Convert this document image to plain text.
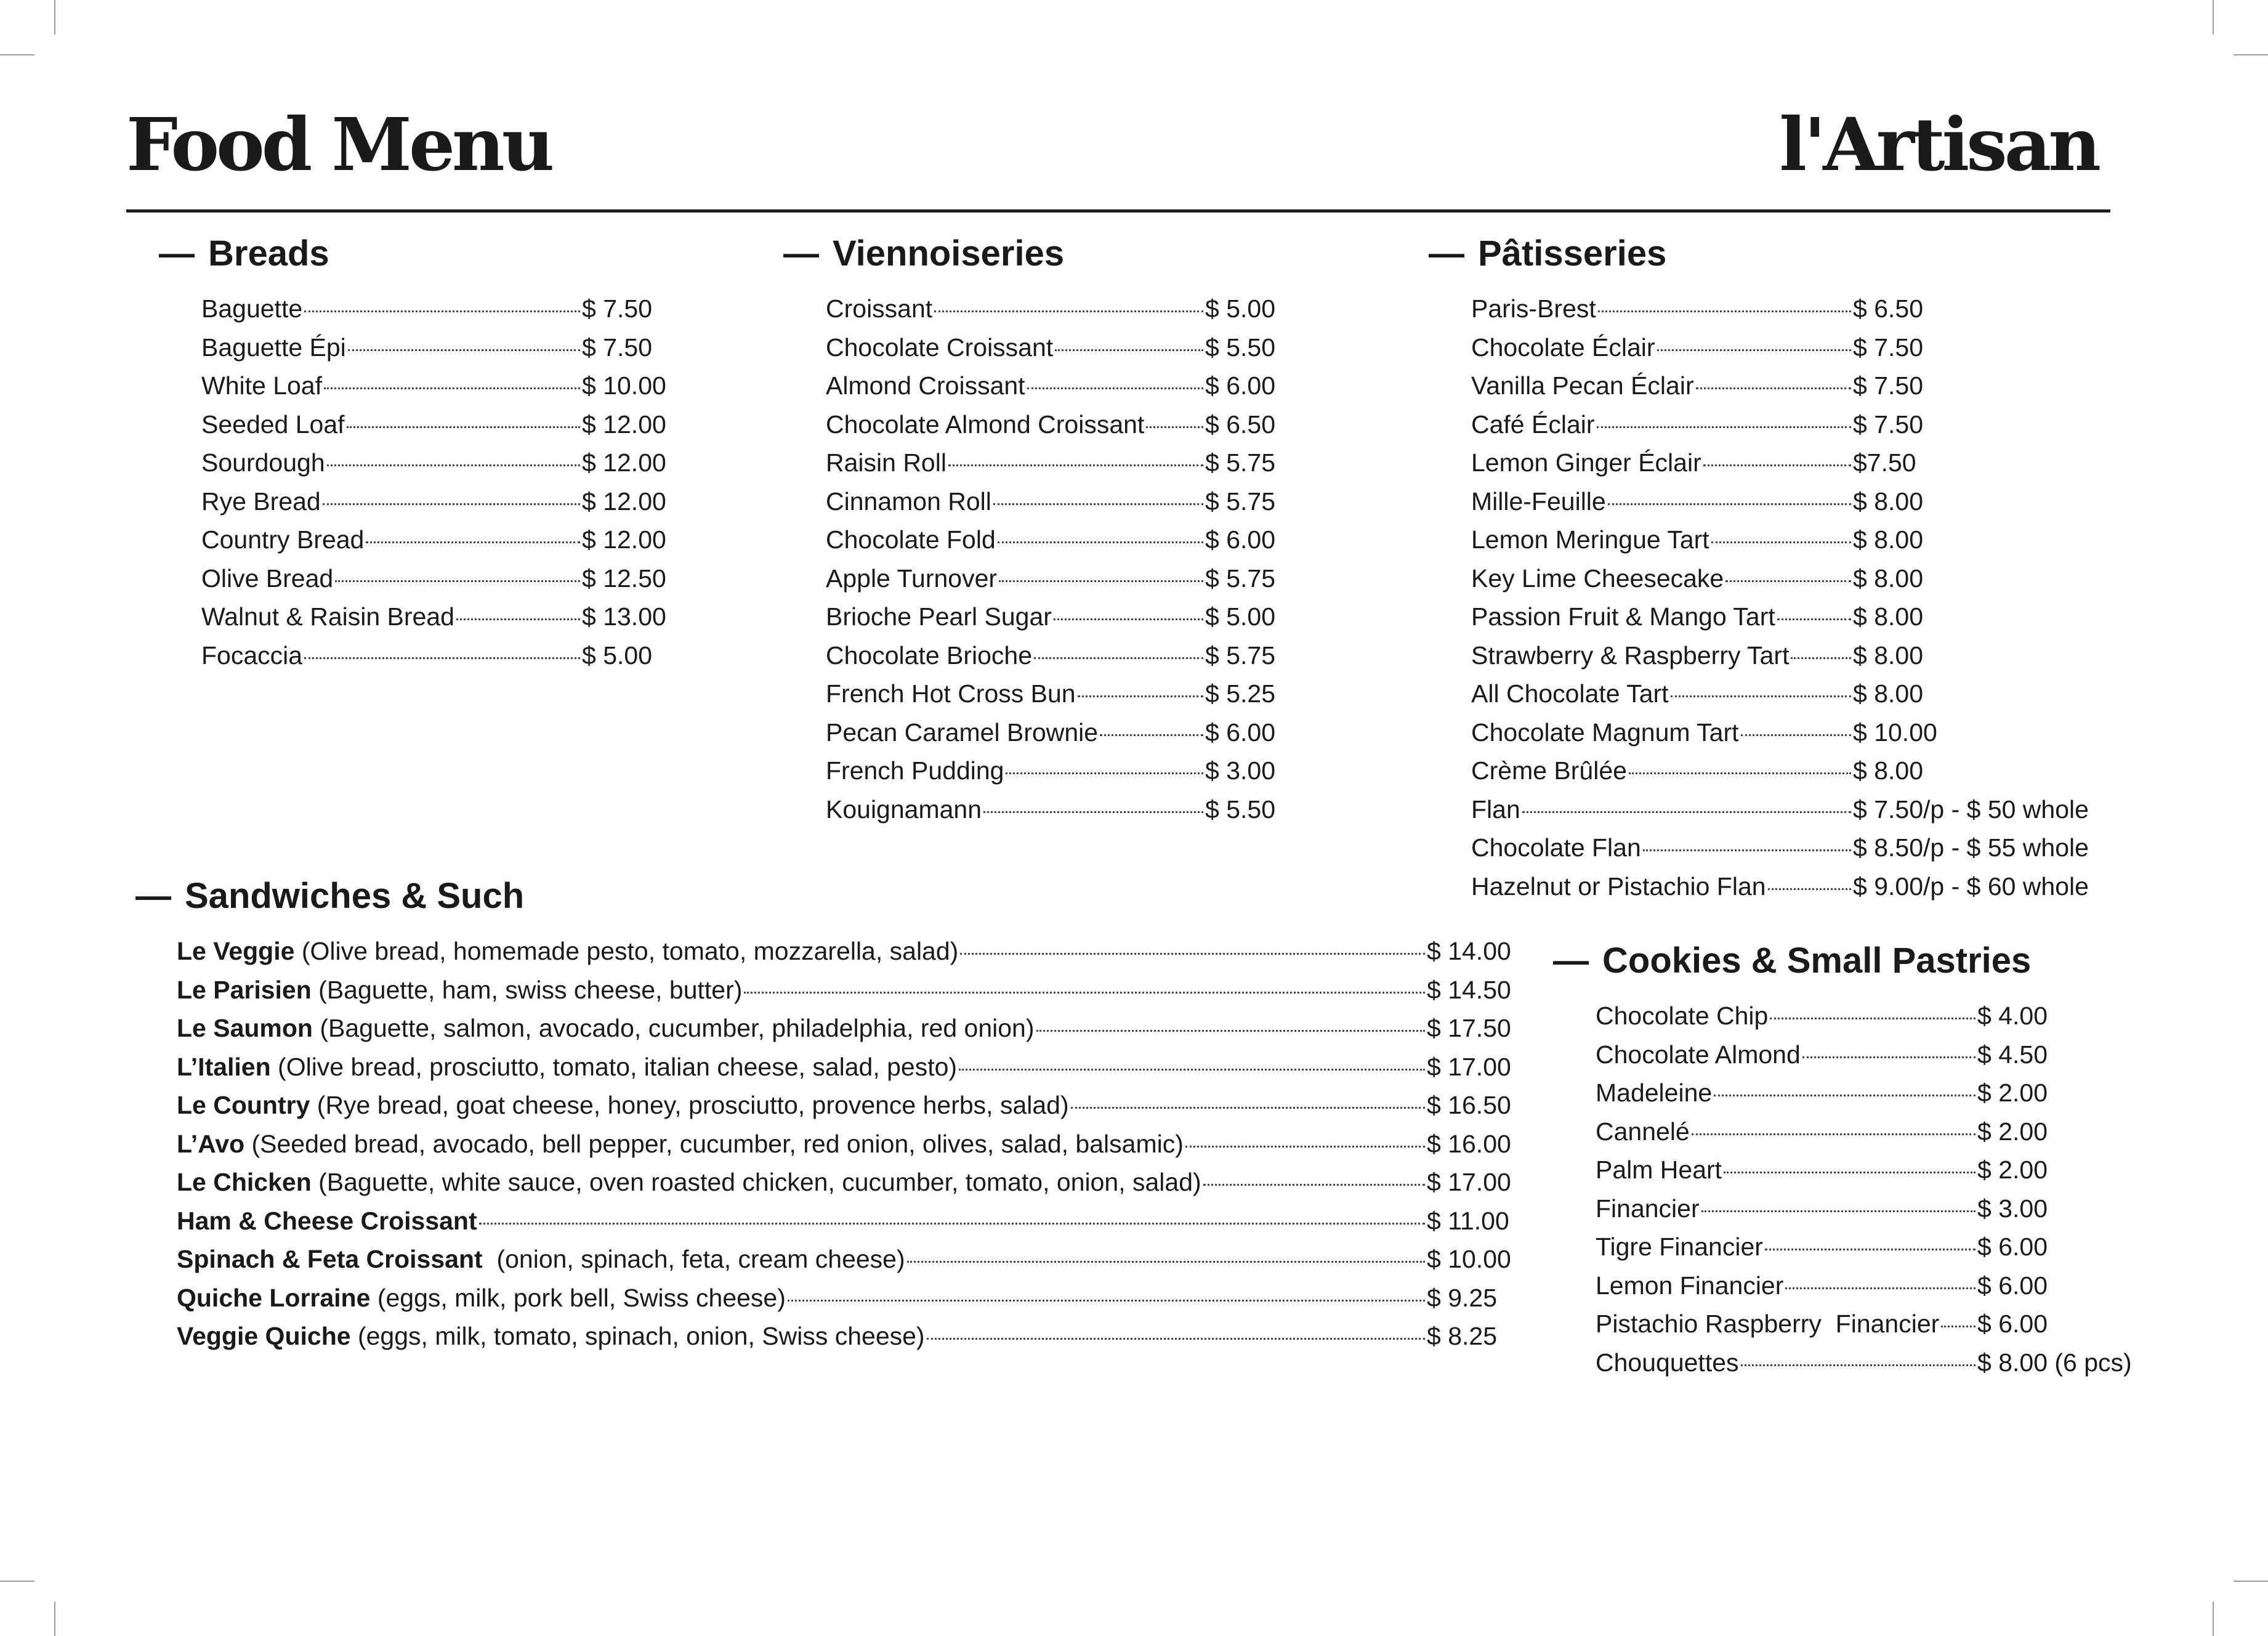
Food Menu	l'Artisan
— Breads
Baguette	$ 7.50
Baguette Épi	$ 7.50
White Loaf	$ 10.00
Seeded Loaf	$ 12.00
Sourdough	$ 12.00
Rye Bread	$ 12.00
Country Bread	$ 12.00
Olive Bread	$ 12.50
Walnut & Raisin Bread	$ 13.00
Focaccia	$ 5.00
— Viennoiseries
Croissant	$ 5.00
Chocolate Croissant	$ 5.50
Almond Croissant	$ 6.00
Chocolate Almond Croissant $ 6.50
Raisin Roll	$ 5.75
Cinnamon Roll	$ 5.75
Chocolate Fold	$ 6.00
Apple Turnover	$ 5.75
Brioche Pearl Sugar	$ 5.00
Chocolate Brioche	$ 5.75
French Hot Cross Bun	$ 5.25
Pecan Caramel Brownie	$ 6.00
French Pudding	$ 3.00
Kouignamann	$ 5.50
— Pâtisseries
Paris-Brest	$ 6.50
Chocolate Éclair	$ 7.50
Vanilla Pecan Éclair	$ 7.50
Café Éclair	$ 7.50
Lemon Ginger Éclair	$7.50
Mille-Feuille	$ 8.00
Lemon Meringue Tart	$ 8.00
Key Lime Cheesecake	$ 8.00
Passion Fruit & Mango Tart	$ 8.00
Strawberry & Raspberry Tart	$ 8.00
All Chocolate Tart	$ 8.00
Chocolate Magnum Tart	$ 10.00
Crème Brûlée	$ 8.00
Flan	$ 7.50/p - $ 50 whole
Chocolate Flan	$ 8.50/p - $ 55 whole
Hazelnut or Pistachio Flan	$ 9.00/p - $ 60 whole
— Sandwiches & Such
Le Veggie (Olive bread, homemade pesto, tomato, mozzarella, salad)	$ 14.00
Le Parisien (Baguette, ham, swiss cheese, butter)	$ 14.50
Le Saumon (Baguette, salmon, avocado, cucumber, philadelphia, red onion)	$ 17.50
L’Italien (Olive bread, prosciutto, tomato, italian cheese, salad, pesto)	$ 17.00
Le Country (Rye bread, goat cheese, honey, prosciutto, provence herbs, salad)	$ 16.50
L’Avo (Seeded bread, avocado, bell pepper, cucumber, red onion, olives, salad, balsamic)	$ 16.00
Le Chicken (Baguette, white sauce, oven roasted chicken, cucumber, tomato, onion, salad)	$ 17.00
Ham & Cheese Croissant	$ 11.00
Spinach & Feta Croissant  (onion, spinach, feta, cream cheese)	$ 10.00
Quiche Lorraine (eggs, milk, pork bell, Swiss cheese)	$ 9.25
Veggie Quiche (eggs, milk, tomato, spinach, onion, Swiss cheese)	$ 8.25
— Cookies & Small Pastries
Chocolate Chip	$ 4.00
Chocolate Almond	$ 4.50
Madeleine	$ 2.00
Cannelé	$ 2.00
Palm Heart	$ 2.00
Financier	$ 3.00
Tigre Financier	$ 6.00
Lemon Financier	$ 6.00
Pistachio Raspberry  Financier $ 6.00
Chouquettes	$ 8.00 (6 pcs)
